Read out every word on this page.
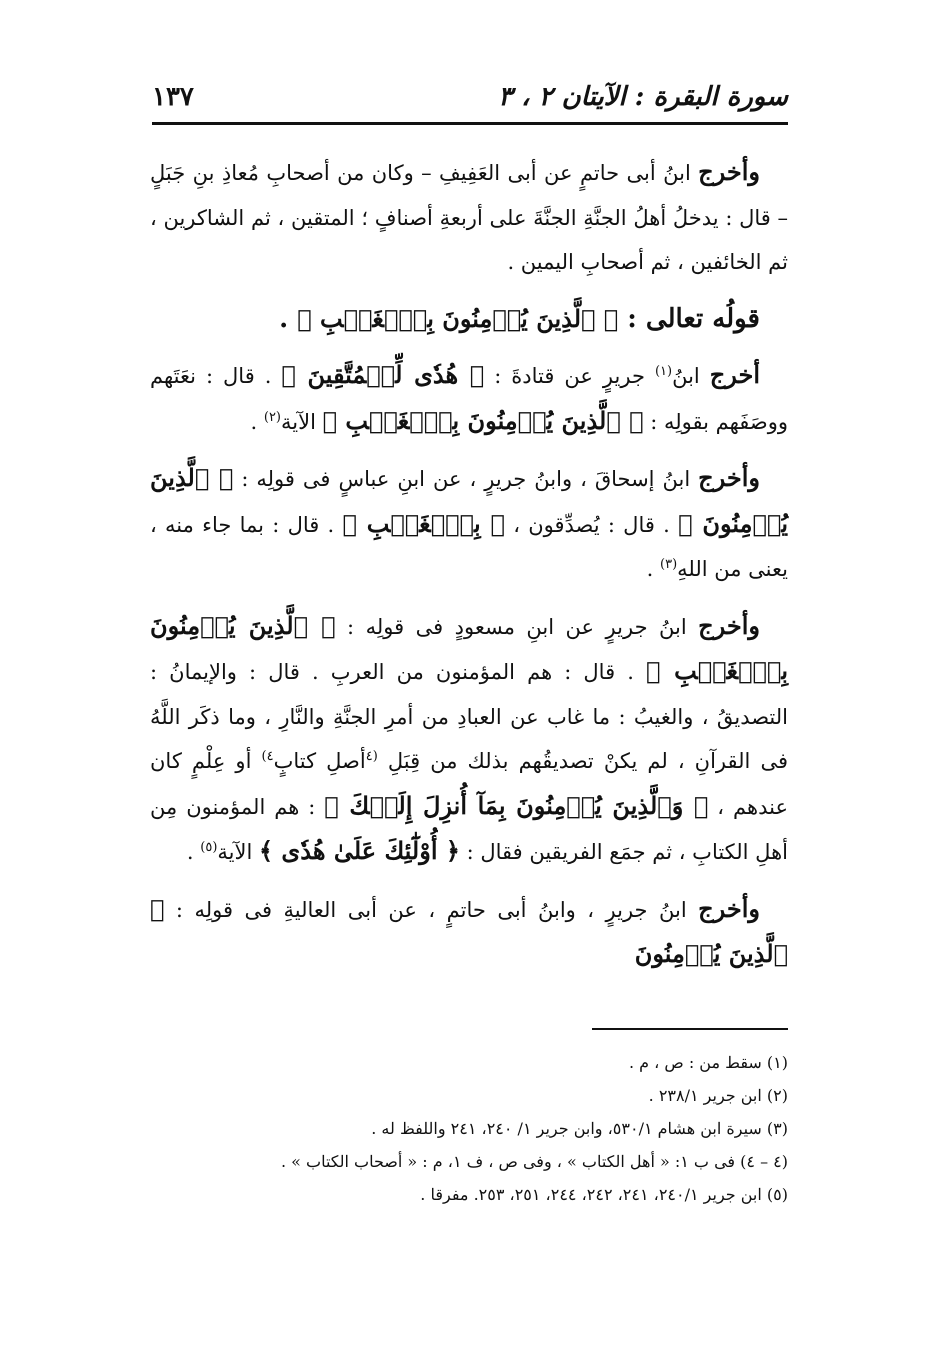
سورة البقرة : الآيتان ٢ ، ٣
١٣٧

وأخرج ابنُ أبى حاتمٍ عن أبى العَفِيفِ – وكان من أصحابِ مُعاذِ بنِ جَبَلٍ – قال : يدخلُ أهلُ الجنَّةِ الجنَّةَ على أربعةِ أصنافٍ ؛ المتقين ، ثم الشاكرين ، ثم الخائفين ، ثم أصحابِ اليمين .

قولُه تعالى : ﴿ ٱلَّذِينَ يُؤۡمِنُونَ بِٱلۡغَيۡبِ ﴾ .

أخرج ابنُ$^{(١)}$ جريرٍ عن قتادةَ : ﴿ هُدٗى لِّلۡمُتَّقِينَ ﴾ . قال : نعَتَهم ووصَفَهم بقولِه : ﴿ ٱلَّذِينَ يُؤۡمِنُونَ بِٱلۡغَيۡبِ ﴾ الآية$^{(٢)}$ .

وأخرج ابنُ إسحاقَ ، وابنُ جريرٍ ، عن ابنِ عباسٍ فى قولِه : ﴿ ٱلَّذِينَ يُؤۡمِنُونَ ﴾ . قال : يُصدِّقون ، ﴿ بِٱلۡغَيۡبِ ﴾ . قال : بما جاء منه ، يعنى من اللهِ$^{(٣)}$ .

وأخرج ابنُ جريرٍ عن ابنِ مسعودٍ فى قولِه : ﴿ ٱلَّذِينَ يُؤۡمِنُونَ بِٱلۡغَيۡبِ ﴾ . قال : هم المؤمنون من العربِ . قال : والإيمانُ : التصديقُ ، والغيبُ : ما غاب عن العبادِ من أمرِ الجنَّةِ والنَّارِ ، وما ذكَر اللَّهُ فى القرآنِ ، لم يكنْ تصديقُهم بذلك من قِبَلِ $^{(٤}$أصلِ كتابٍ$^{٤)}$ أو عِلْمٍ كان عندهم ، ﴿ وَٱلَّذِينَ يُؤۡمِنُونَ بِمَآ أُنزِلَ إِلَيۡكَ ﴾ : هم المؤمنون مِن أهلِ الكتابِ ، ثم جمَع الفريقين فقال : ﴿ أُوْلَٰٓئِكَ عَلَىٰ هُدٗى ﴾ الآية$^{(٥)}$ .

وأخرج ابنُ جريرٍ ، وابنُ أبى حاتمٍ ، عن أبى العاليةِ فى قولِه : ﴿ ٱلَّذِينَ يُؤۡمِنُونَ

(١) سقط من : ص ، م .

(٢) ابن جرير ٢٣٨/١ .

(٣) سيرة ابن هشام ٥٣٠/١، وابن جرير ١/ ٢٤٠، ٢٤١ واللفظ له .

(٤ – ٤) فى ب ١: « أهل الكتاب » ، وفى ص ، ف ١، م : « أصحاب الكتاب » .

(٥) ابن جرير ٢٤٠/١، ٢٤١، ٢٤٢، ٢٤٤، ٢٥١، ٢٥٣. مفرقا .
